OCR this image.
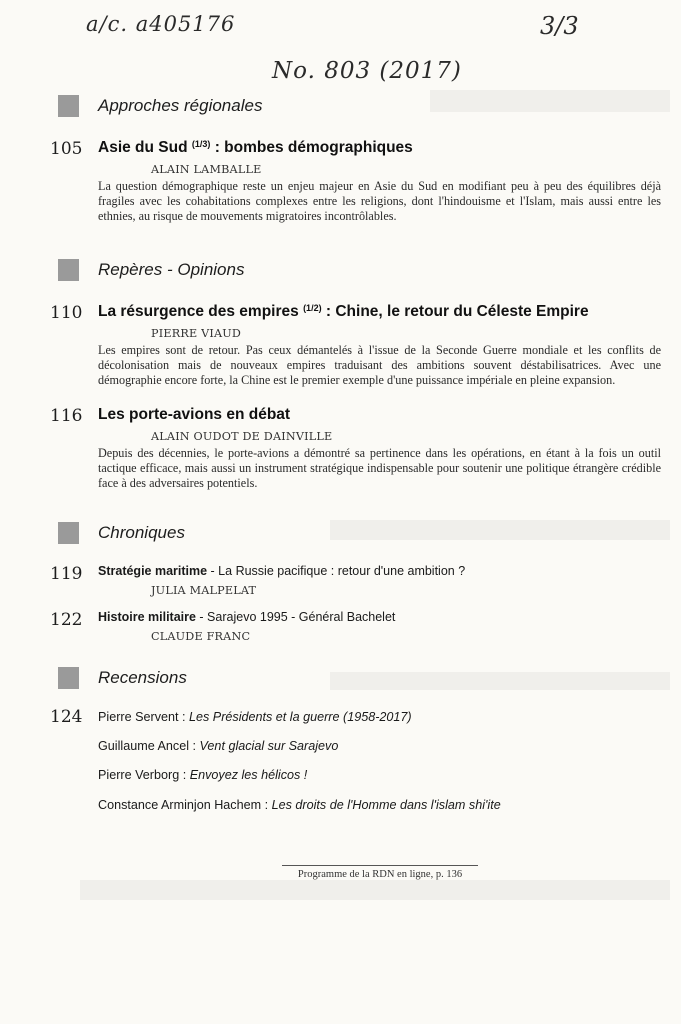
a/c. a405176	3/3
No. 803 (2017)
Approches régionales
105 Asie du Sud $^{(1/3)}$ : bombes démographiques
ALAIN LAMBALLE
La question démographique reste un enjeu majeur en Asie du Sud en modifiant peu à peu des équilibres déjà fragiles avec les cohabitations complexes entre les religions, dont l'hindouisme et l'Islam, mais aussi entre les ethnies, au risque de mouvements migratoires incontrôlables.
Repères - Opinions
110 La résurgence des empires $^{(1/2)}$ : Chine, le retour du Céleste Empire
PIERRE VIAUD
Les empires sont de retour. Pas ceux démantelés à l'issue de la Seconde Guerre mondiale et les conflits de décolonisation mais de nouveaux empires traduisant des ambitions souvent déstabilisatrices. Avec une démographie encore forte, la Chine est le premier exemple d'une puissance impériale en pleine expansion.
116 Les porte-avions en débat
ALAIN OUDOT DE DAINVILLE
Depuis des décennies, le porte-avions a démontré sa pertinence dans les opérations, en étant à la fois un outil tactique efficace, mais aussi un instrument stratégique indispensable pour soutenir une politique étrangère crédible face à des adversaires potentiels.
Chroniques
119 Stratégie maritime - La Russie pacifique : retour d'une ambition ?
JULIA MALPELAT
122 Histoire militaire - Sarajevo 1995 - Général Bachelet
CLAUDE FRANC
Recensions
124 Pierre Servent : Les Présidents et la guerre (1958-2017)
Guillaume Ancel : Vent glacial sur Sarajevo
Pierre Verborg : Envoyez les hélicos !
Constance Arminjon Hachem : Les droits de l'Homme dans l'islam shi'ite
Programme de la RDN en ligne, p. 136
